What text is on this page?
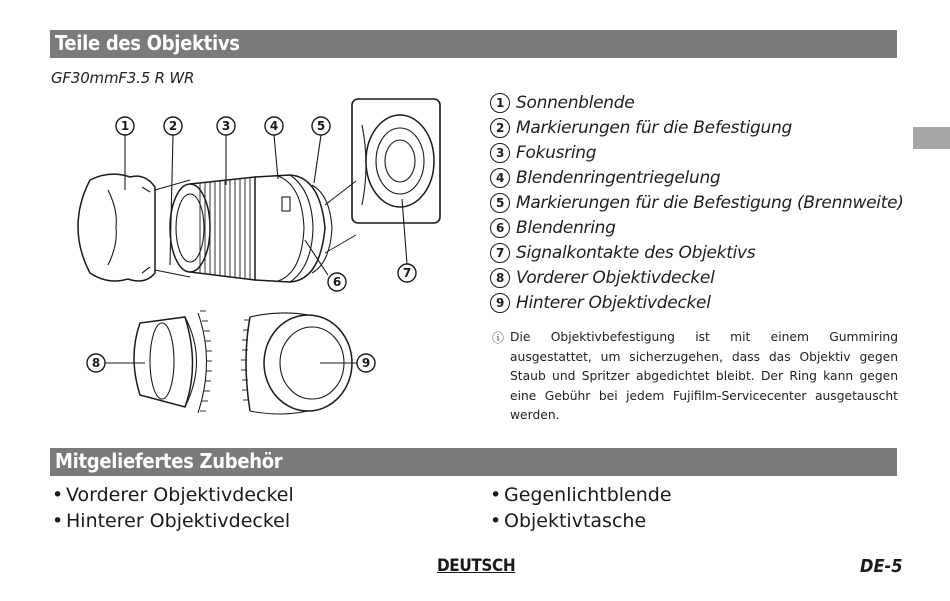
Teile des Objektivs
GF30mmF3.5 R WR
1	2	3	4	5
6
7
8	9
1 Sonnenblende
2 Markierungen für die Befestigung
3 Fokusring
4 Blendenringentriegelung
5 Markierungen für die Befestigung (Brennweite)
6 Blendenring
7 Signalkontakte des Objektivs
8 Vorderer Objektivdeckel
9 Hinterer Objektivdeckel
ⓘ Die Objektivbefestigung ist mit einem Gummiring ausgestattet, um sicherzugehen, dass das Objektiv gegen Staub und Spritzer abgedichtet bleibt. Der Ring kann gegen eine Gebühr bei jedem Fujifilm-Servicecenter ausgetauscht werden.
Mitgeliefertes Zubehör
• Vorderer Objektivdeckel
• Hinterer Objektivdeckel
• Gegenlichtblende
• Objektivtasche
DEUTSCH	DE-5
